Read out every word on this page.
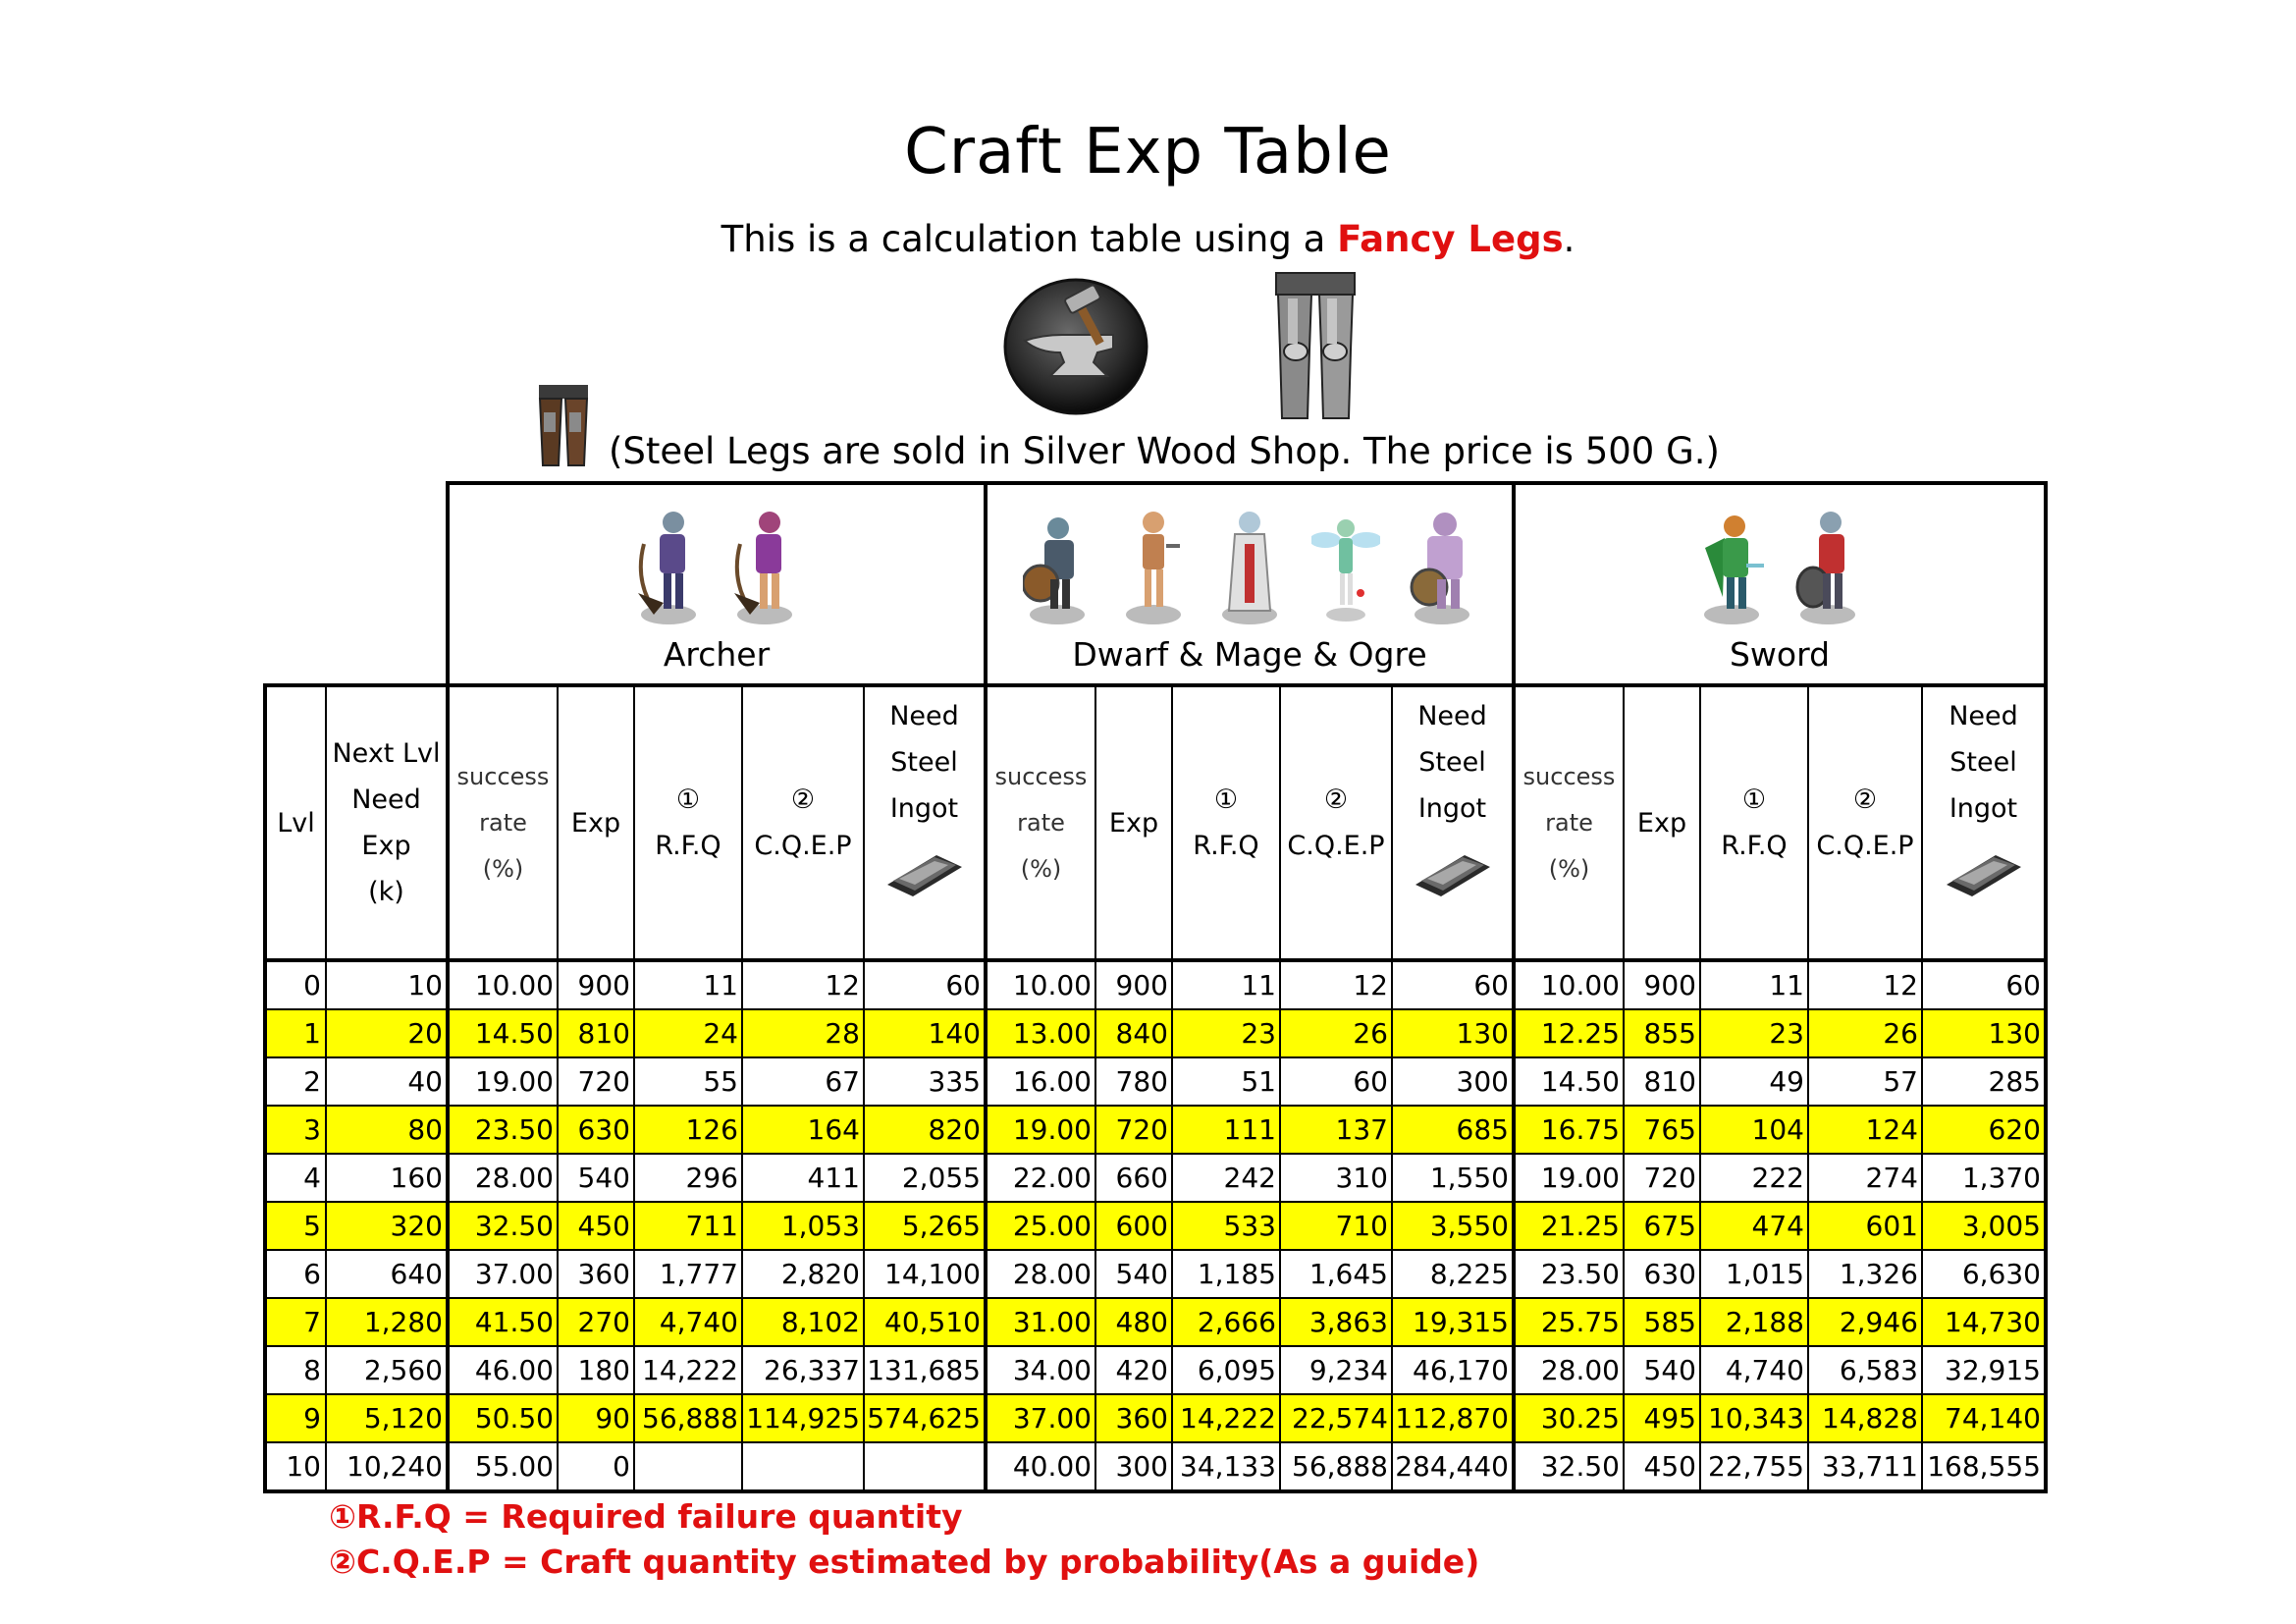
Craft Exp Table
This is a calculation table using a Fancy Legs.
(Steel Legs are sold in Silver Wood Shop. The price is 500 G.)

		Archer					Dwarf & Mage & Ogre					Sword				

Lvl	Next Lvl
Need
Exp
(k)	success
rate
(%)	Exp	①
R.F.Q	②
C.Q.E.P	Need
Steel
Ingot	success
rate
(%)	Exp	①
R.F.Q	②
C.Q.E.P	Need
Steel
Ingot	success
rate
(%)	Exp	①
R.F.Q	②
C.Q.E.P	Need
Steel
Ingot

0	10	10.00	900	11	12	60	10.00	900	11	12	60	10.00	900	11	12	60
1	20	14.50	810	24	28	140	13.00	840	23	26	130	12.25	855	23	26	130
2	40	19.00	720	55	67	335	16.00	780	51	60	300	14.50	810	49	57	285
3	80	23.50	630	126	164	820	19.00	720	111	137	685	16.75	765	104	124	620
4	160	28.00	540	296	411	2,055	22.00	660	242	310	1,550	19.00	720	222	274	1,370
5	320	32.50	450	711	1,053	5,265	25.00	600	533	710	3,550	21.25	675	474	601	3,005
6	640	37.00	360	1,777	2,820	14,100	28.00	540	1,185	1,645	8,225	23.50	630	1,015	1,326	6,630
7	1,280	41.50	270	4,740	8,102	40,510	31.00	480	2,666	3,863	19,315	25.75	585	2,188	2,946	14,730
8	2,560	46.00	180	14,222	26,337	131,685	34.00	420	6,095	9,234	46,170	28.00	540	4,740	6,583	32,915
9	5,120	50.50	90	56,888	114,925	574,625	37.00	360	14,222	22,574	112,870	30.25	495	10,343	14,828	74,140
10	10,240	55.00	0				40.00	300	34,133	56,888	284,440	32.50	450	22,755	33,711	168,555
①R.F.Q = Required failure quantity
②C.Q.E.P = Craft quantity estimated by probability(As a guide)
